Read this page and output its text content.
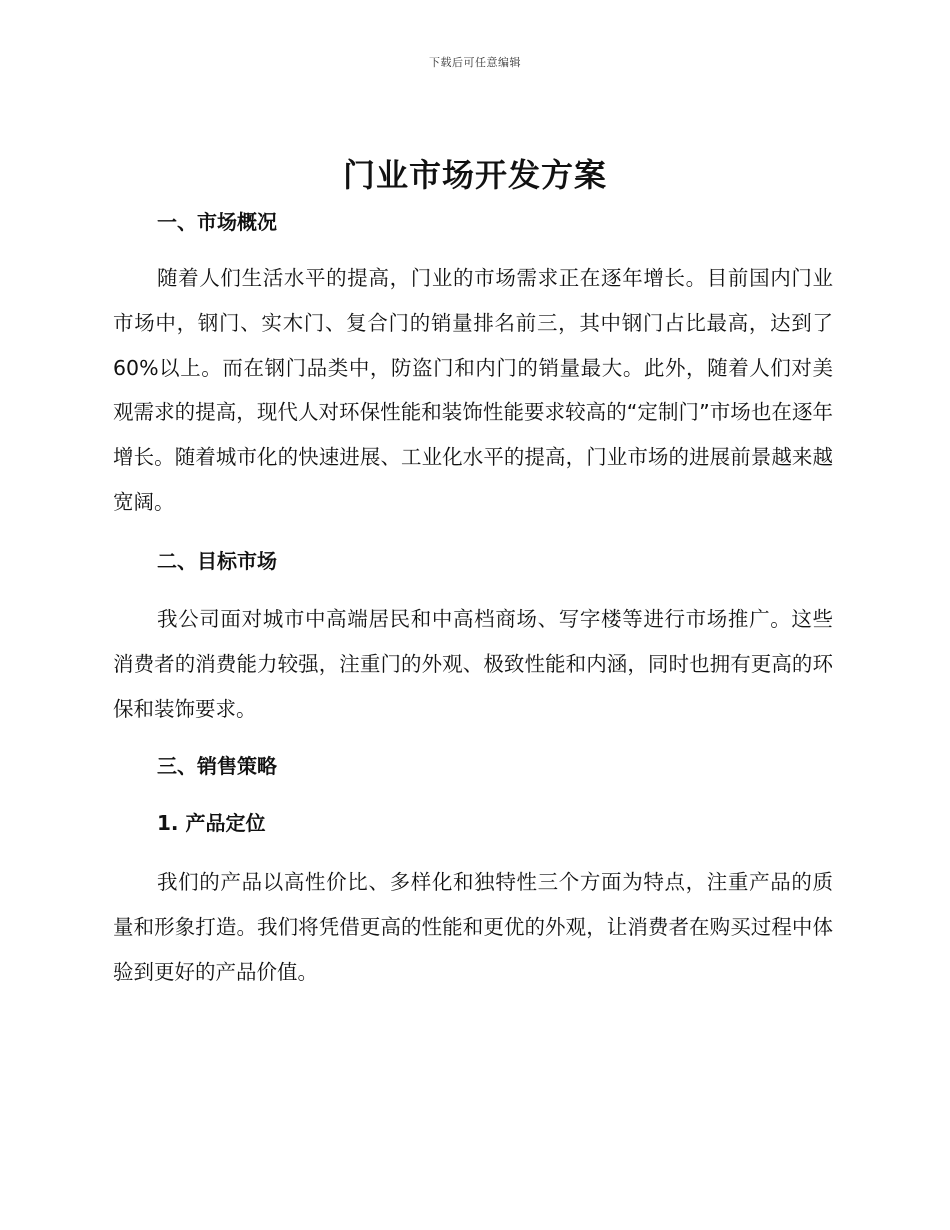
下载后可任意编辑
门业市场开发方案
一、市场概况

随着人们生活水平的提高，门业的市场需求正在逐年增长。目前国内门业市场中，钢门、实木门、复合门的销量排名前三，其中钢门占比最高，达到了 60%以上。而在钢门品类中，防盗门和内门的销量最大。此外，随着人们对美观需求的提高，现代人对环保性能和装饰性能要求较高的“定制门”市场也在逐年增长。随着城市化的快速进展、工业化水平的提高，门业市场的进展前景越来越宽阔。

二、目标市场

我公司面对城市中高端居民和中高档商场、写字楼等进行市场推广。这些消费者的消费能力较强，注重门的外观、极致性能和内涵，同时也拥有更高的环保和装饰要求。

三、销售策略
1. 产品定位

我们的产品以高性价比、多样化和独特性三个方面为特点，注重产品的质量和形象打造。我们将凭借更高的性能和更优的外观，让消费者在购买过程中体验到更好的产品价值。
